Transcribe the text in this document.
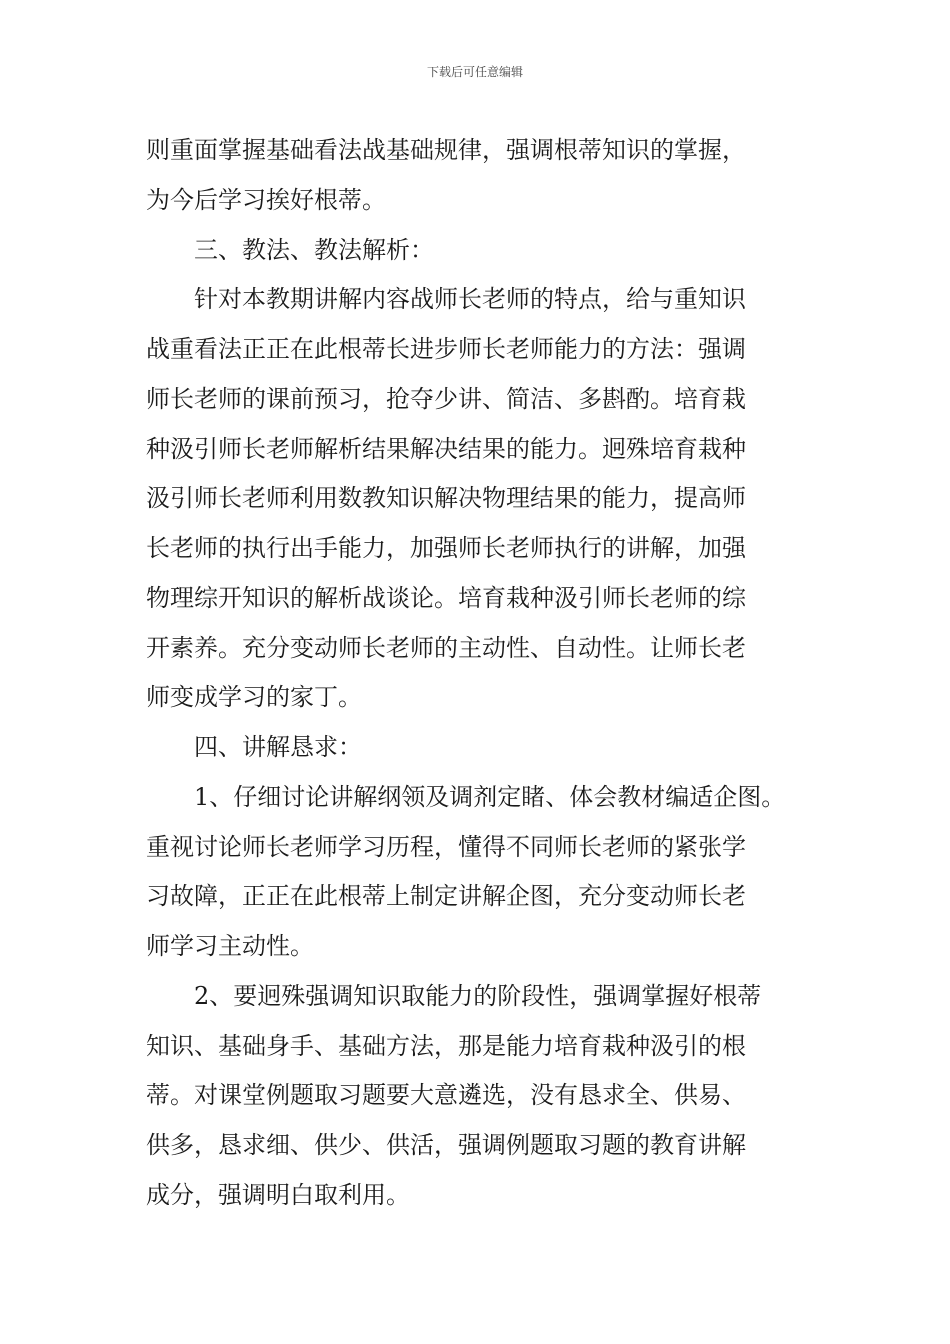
下载后可任意编辑
则重面掌握基础看法战基础规律，强调根蒂知识的掌握，
为今后学习挨好根蒂。
　　三、教法、教法解析：
　　针对本教期讲解内容战师长老师的特点，给与重知识
战重看法正正在此根蒂长进步师长老师能力的方法：强调
师长老师的课前预习，抢夺少讲、简洁、多斟酌。培育栽
种汲引师长老师解析结果解决结果的能力。迥殊培育栽种
汲引师长老师利用数教知识解决物理结果的能力，提高师
长老师的执行出手能力，加强师长老师执行的讲解，加强
物理综开知识的解析战谈论。培育栽种汲引师长老师的综
开素养。充分变动师长老师的主动性、自动性。让师长老
师变成学习的家丁。
　　四、讲解恳求：
　　1、仔细讨论讲解纲领及调剂定睹、体会教材编适企图。
重视讨论师长老师学习历程，懂得不同师长老师的紧张学
习故障，正正在此根蒂上制定讲解企图，充分变动师长老
师学习主动性。
　　2、要迥殊强调知识取能力的阶段性，强调掌握好根蒂
知识、基础身手、基础方法，那是能力培育栽种汲引的根
蒂。对课堂例题取习题要大意遴选，没有恳求全、供易、
供多，恳求细、供少、供活，强调例题取习题的教育讲解
成分，强调明白取利用。
